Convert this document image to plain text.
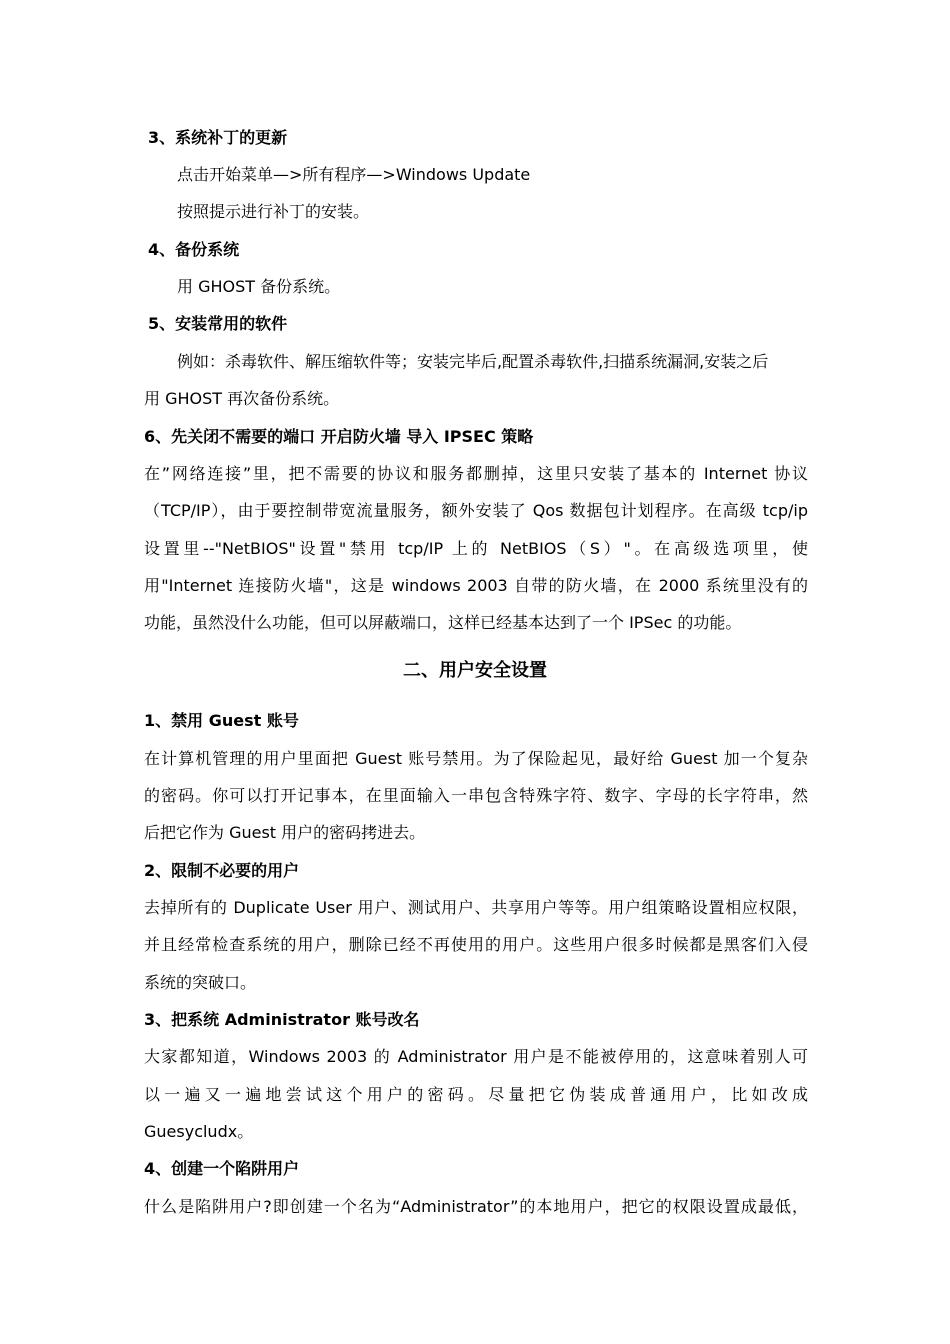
3、系统补丁的更新
点击开始菜单—>所有程序—>Windows Update
按照提示进行补丁的安装。
4、备份系统
用 GHOST 备份系统。
5、安装常用的软件
例如：杀毒软件、解压缩软件等；安装完毕后,配置杀毒软件,扫描系统漏洞,安装之后
用 GHOST 再次备份系统。
6、先关闭不需要的端口 开启防火墙 导入 IPSEC 策略
在”网络连接”里，把不需要的协议和服务都删掉，这里只安装了基本的 Internet 协议
（TCP/IP），由于要控制带宽流量服务，额外安装了 Qos 数据包计划程序。在高级 tcp/ip
设置里--"NetBIOS"设置"禁用 tcp/IP 上的 NetBIOS（S）"。在高级选项里，使
用"Internet 连接防火墙"，这是 windows 2003 自带的防火墙，在 2000 系统里没有的
功能，虽然没什么功能，但可以屏蔽端口，这样已经基本达到了一个 IPSec 的功能。
二、用户安全设置
1、禁用 Guest 账号
在计算机管理的用户里面把 Guest 账号禁用。为了保险起见，最好给 Guest 加一个复杂
的密码。你可以打开记事本，在里面输入一串包含特殊字符、数字、字母的长字符串，然
后把它作为 Guest 用户的密码拷进去。
2、限制不必要的用户
去掉所有的 Duplicate User 用户、测试用户、共享用户等等。用户组策略设置相应权限，
并且经常检查系统的用户，删除已经不再使用的用户。这些用户很多时候都是黑客们入侵
系统的突破口。
3、把系统 Administrator 账号改名
大家都知道，Windows 2003 的 Administrator 用户是不能被停用的，这意味着别人可
以一遍又一遍地尝试这个用户的密码。尽量把它伪装成普通用户，比如改成
Guesycludx。
4、创建一个陷阱用户
什么是陷阱用户?即创建一个名为“Administrator”的本地用户，把它的权限设置成最低，
